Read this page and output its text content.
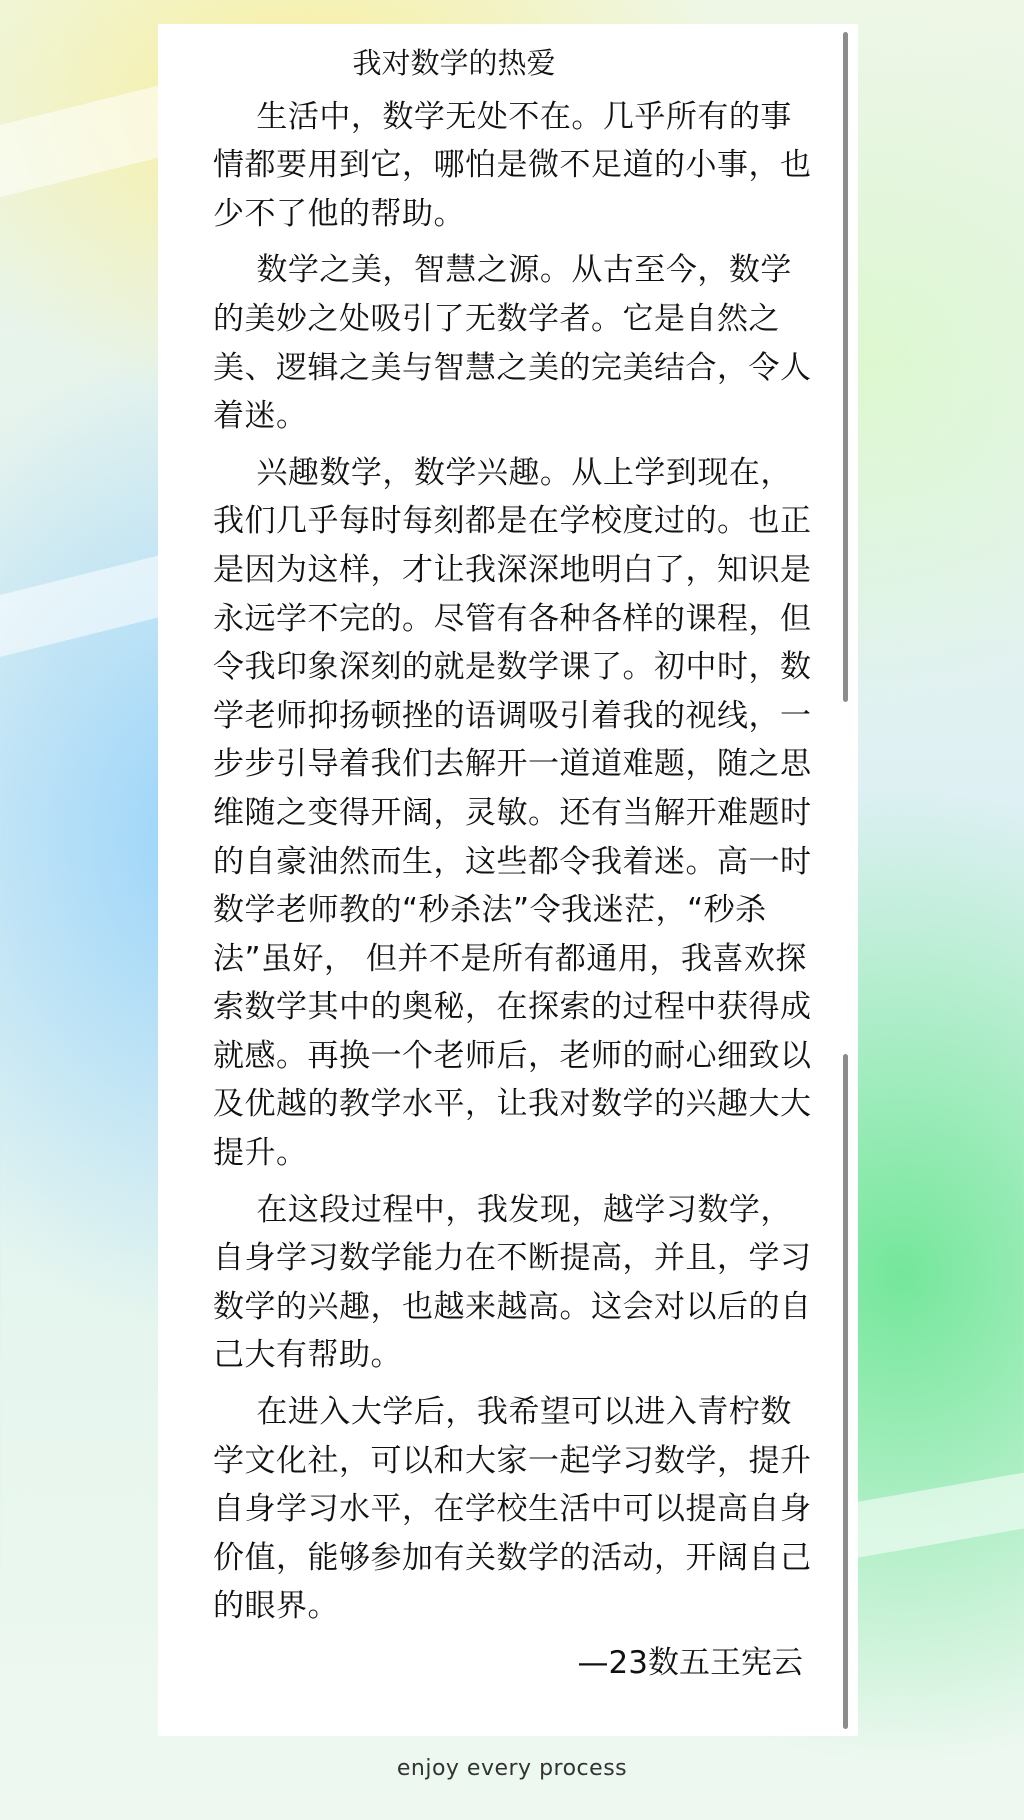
我对数学的热爱

生活中，数学无处不在。几乎所有的事情都要用到它，哪怕是微不足道的小事，也少不了他的帮助。

数学之美，智慧之源。从古至今，数学的美妙之处吸引了无数学者。它是自然之美、逻辑之美与智慧之美的完美结合，令人着迷。

兴趣数学，数学兴趣。从上学到现在，我们几乎每时每刻都是在学校度过的。也正是因为这样，才让我深深地明白了，知识是永远学不完的。尽管有各种各样的课程，但令我印象深刻的就是数学课了。初中时，数学老师抑扬顿挫的语调吸引着我的视线，一步步引导着我们去解开一道道难题，随之思维随之变得开阔，灵敏。还有当解开难题时的自豪油然而生，这些都令我着迷。高一时 数学老师教的“秒杀法”令我迷茫，“秒杀法”虽好， 但并不是所有都通用，我喜欢探索数学其中的奥秘，在探索的过程中获得成就感。再换一个老师后，老师的耐心细致以及优越的教学水平，让我对数学的兴趣大大提升。

在这段过程中，我发现，越学习数学，自身学习数学能力在不断提高，并且，学习数学的兴趣，也越来越高。这会对以后的自己大有帮助。

在进入大学后，我希望可以进入青柠数学文化社，可以和大家一起学习数学，提升自身学习水平，在学校生活中可以提高自身价值，能够参加有关数学的活动，开阔自己的眼界。

—23数五王宪云
enjoy every process
